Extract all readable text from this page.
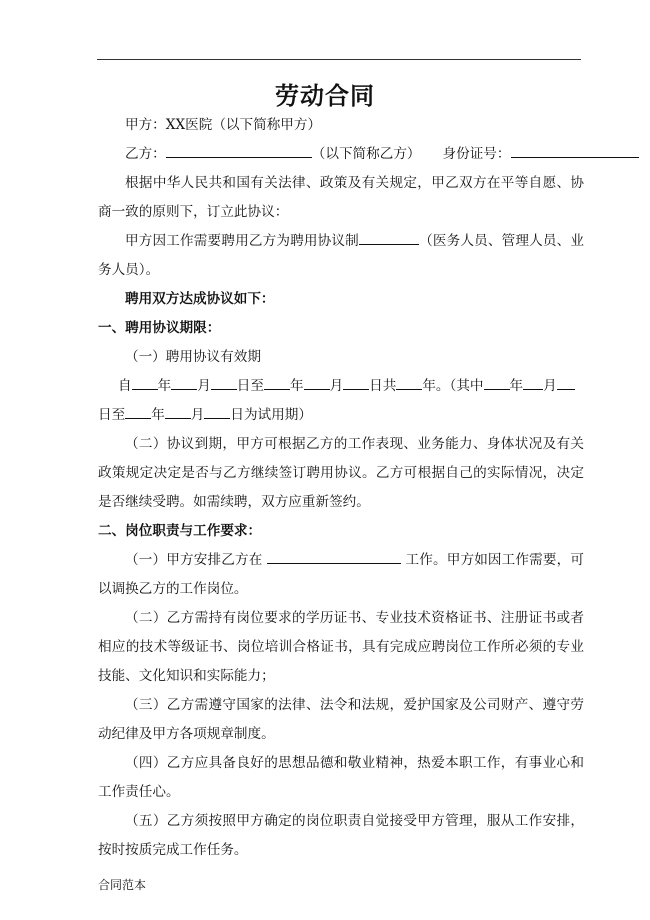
劳动合同
甲方：XX医院（以下简称甲方）
乙方：	（以下简称乙方） 身份证号：
根据中华人民共和国有关法律、政策及有关规定，甲乙双方在平等自愿、协商一致的原则下，订立此协议：
甲方因工作需要聘用乙方为聘用协议制	（医务人员、管理人员、业务人员）。
聘用双方达成协议如下：
一、聘用协议期限：
（一）聘用协议有效期
自 年 月 日至 年 月 日共 年。（其中 年 月
日至 年 月 日为试用期）
（二）协议到期，甲方可根据乙方的工作表现、业务能力、身体状况及有关政策规定决定是否与乙方继续签订聘用协议。乙方可根据自己的实际情况，决定是否继续受聘。如需续聘，双方应重新签约。
二、岗位职责与工作要求：
（一）甲方安排乙方在	工作。甲方如因工作需要，可以调换乙方的工作岗位。
（二）乙方需持有岗位要求的学历证书、专业技术资格证书、注册证书或者相应的技术等级证书、岗位培训合格证书，具有完成应聘岗位工作所必须的专业技能、文化知识和实际能力；
（三）乙方需遵守国家的法律、法令和法规，爱护国家及公司财产、遵守劳动纪律及甲方各项规章制度。
（四）乙方应具备良好的思想品德和敬业精神，热爱本职工作，有事业心和工作责任心。
（五）乙方须按照甲方确定的岗位职责自觉接受甲方管理，服从工作安排，按时按质完成工作任务。
合同范本
